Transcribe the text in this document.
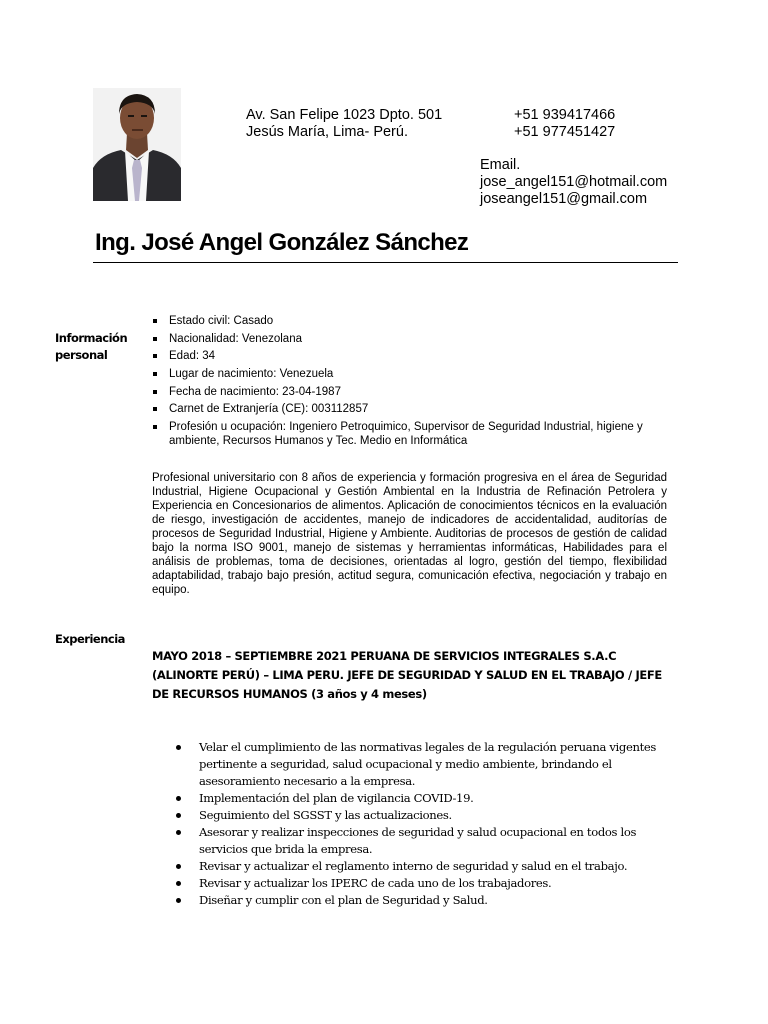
Av. San Felipe 1023 Dpto. 501
Jesús María, Lima- Perú.
+51 939417466
+51 977451427
Email.
jose_angel151@hotmail.com
joseangel151@gmail.com
Ing. José Angel González Sánchez
Información
personal
Estado civil: Casado
Nacionalidad: Venezolana
Edad: 34
Lugar de nacimiento: Venezuela
Fecha de nacimiento: 23-04-1987
Carnet de Extranjería (CE): 003112857
Profesión u ocupación: Ingeniero Petroquimico, Supervisor de Seguridad Industrial, higiene y ambiente, Recursos Humanos y Tec. Medio en Informática
Profesional universitario con 8 años de experiencia y formación progresiva en el área de Seguridad Industrial, Higiene Ocupacional y Gestión Ambiental en la Industria de Refinación Petrolera y Experiencia en Concesionarios de alimentos. Aplicación de conocimientos técnicos en la evaluación de riesgo, investigación de accidentes, manejo de indicadores de accidentalidad, auditorías de procesos de Seguridad Industrial, Higiene y Ambiente. Auditorias de procesos de gestión de calidad bajo la norma ISO 9001, manejo de sistemas y herramientas informáticas, Habilidades para el análisis de problemas, toma de decisiones, orientadas al logro, gestión del tiempo, flexibilidad adaptabilidad, trabajo bajo presión, actitud segura, comunicación efectiva, negociación y trabajo en equipo.
Experiencia
MAYO 2018 – SEPTIEMBRE 2021 PERUANA DE SERVICIOS INTEGRALES S.A.C (ALINORTE PERÚ) – LIMA PERU. JEFE DE SEGURIDAD Y SALUD EN EL TRABAJO / JEFE DE RECURSOS HUMANOS (3 años y 4 meses)
Velar el cumplimiento de las normativas legales de la regulación peruana vigentes pertinente a seguridad, salud ocupacional y medio ambiente, brindando el asesoramiento necesario a la empresa.
Implementación del plan de vigilancia COVID-19.
Seguimiento del SGSST y las actualizaciones.
Asesorar y realizar inspecciones de seguridad y salud ocupacional en todos los servicios que brida la empresa.
Revisar y actualizar el reglamento interno de seguridad y salud en el trabajo.
Revisar y actualizar los IPERC de cada uno de los trabajadores.
Diseñar y cumplir con el plan de Seguridad y Salud.
